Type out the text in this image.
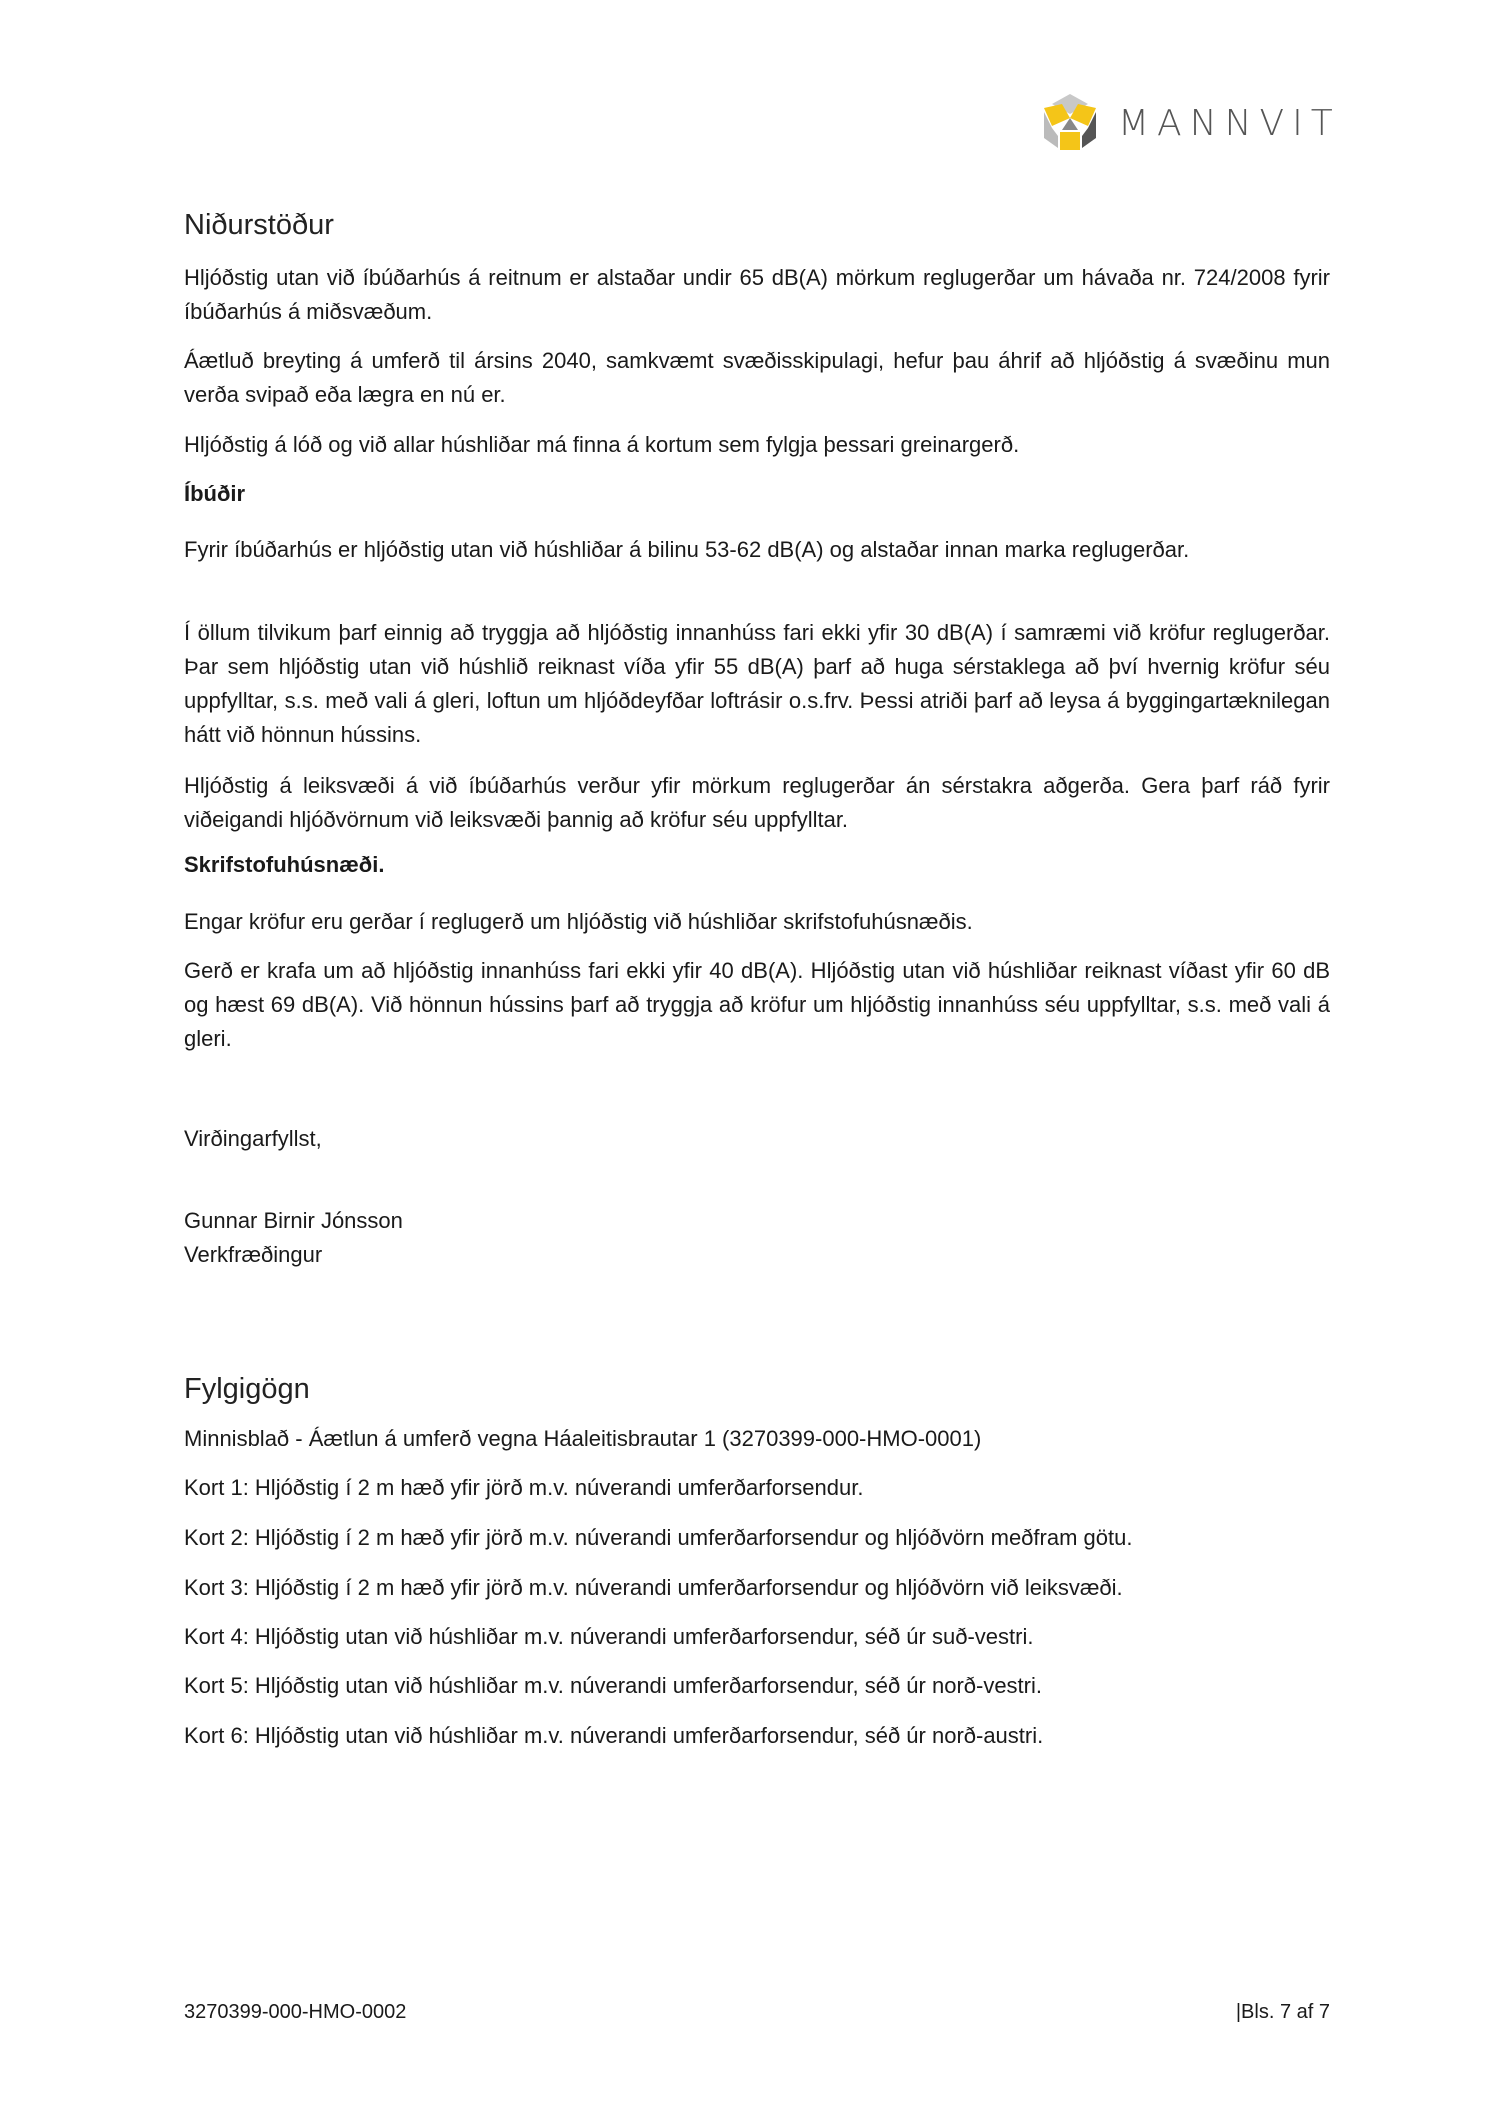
MANNVIT
Niðurstöður
Hljóðstig utan við íbúðarhús á reitnum er alstaðar undir 65 dB(A) mörkum reglugerðar um hávaða nr. 724/2008 fyrir íbúðarhús á miðsvæðum.
Áætluð breyting á umferð til ársins 2040, samkvæmt svæðisskipulagi, hefur þau áhrif að hljóðstig á svæðinu mun verða svipað eða lægra en nú er.
Hljóðstig á lóð og við allar húshliðar má finna á kortum sem fylgja þessari greinargerð.
Íbúðir
Fyrir íbúðarhús er hljóðstig utan við húshliðar á bilinu 53-62 dB(A) og alstaðar innan marka reglugerðar.
Í öllum tilvikum þarf einnig að tryggja að hljóðstig innanhúss fari ekki yfir 30 dB(A) í samræmi við kröfur reglugerðar. Þar sem hljóðstig utan við húshlið reiknast víða yfir 55 dB(A) þarf að huga sérstaklega að því hvernig kröfur séu uppfylltar, s.s. með vali á gleri, loftun um hljóðdeyfðar loftrásir o.s.frv. Þessi atriði þarf að leysa á byggingartæknilegan hátt við hönnun hússins.
Hljóðstig á leiksvæði á við íbúðarhús verður yfir mörkum reglugerðar án sérstakra aðgerða. Gera þarf ráð fyrir viðeigandi hljóðvörnum við leiksvæði þannig að kröfur séu uppfylltar.
Skrifstofuhúsnæði.
Engar kröfur eru gerðar í reglugerð um hljóðstig við húshliðar skrifstofuhúsnæðis.
Gerð er krafa um að hljóðstig innanhúss fari ekki yfir 40 dB(A). Hljóðstig utan við húshliðar reiknast víðast yfir 60 dB og hæst 69 dB(A). Við hönnun hússins þarf að tryggja að kröfur um hljóðstig innanhúss séu uppfylltar, s.s. með vali á gleri.
Virðingarfyllst,
Gunnar Birnir Jónsson
Verkfræðingur
Fylgigögn
Minnisblað - Áætlun á umferð vegna Háaleitisbrautar 1 (3270399-000-HMO-0001)
Kort 1: Hljóðstig í 2 m hæð yfir jörð m.v. núverandi umferðarforsendur.
Kort 2: Hljóðstig í 2 m hæð yfir jörð m.v. núverandi umferðarforsendur og hljóðvörn meðfram götu.
Kort 3: Hljóðstig í 2 m hæð yfir jörð m.v. núverandi umferðarforsendur og hljóðvörn við leiksvæði.
Kort 4: Hljóðstig utan við húshliðar m.v. núverandi umferðarforsendur, séð úr suð-vestri.
Kort 5: Hljóðstig utan við húshliðar m.v. núverandi umferðarforsendur, séð úr norð-vestri.
Kort 6: Hljóðstig utan við húshliðar m.v. núverandi umferðarforsendur, séð úr norð-austri.
3270399-000-HMO-0002	|Bls. 7 af 7
